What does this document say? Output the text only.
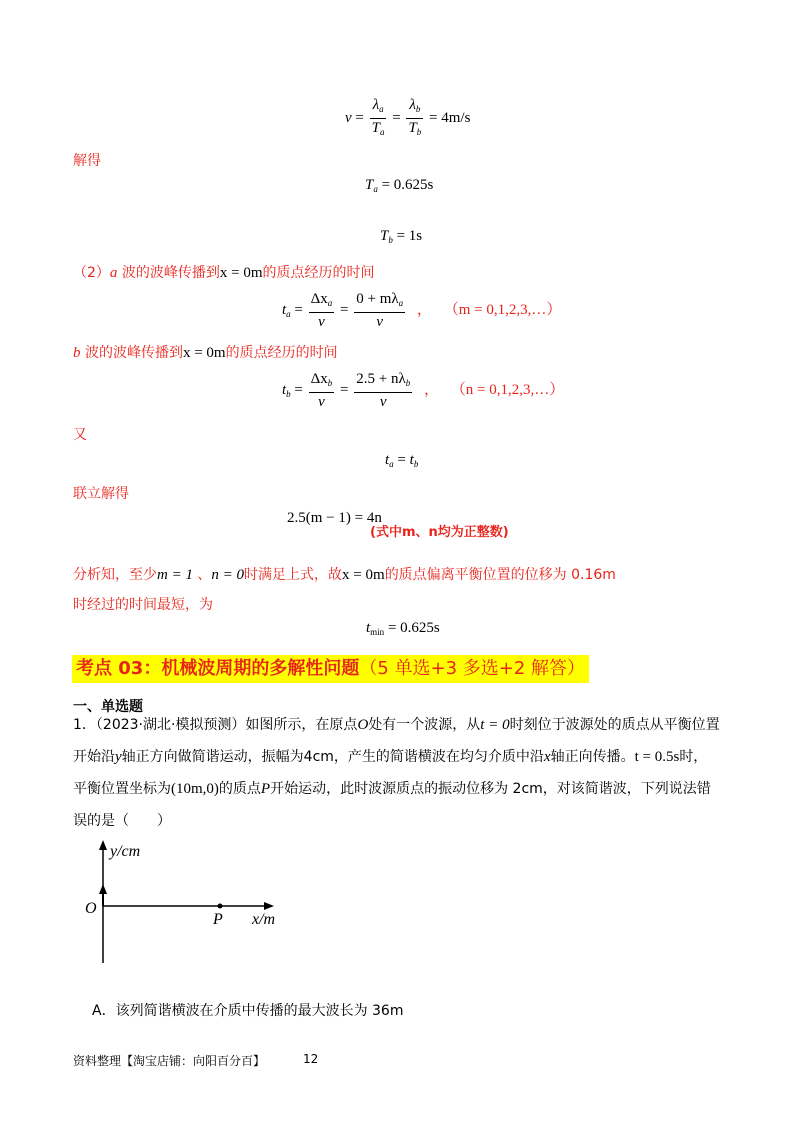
$v = \frac{\lambda_a}{T_a} = \frac{\lambda_b}{T_b} = 4m/s$
解得
$T_a = 0.625s$
$T_b = 1s$
（2）a 波的波峰传播到x = 0m的质点经历的时间
$t_a = \frac{\Delta x_a}{v} = \frac{0 + m\lambda_a}{v}$ ， （m = 0,1,2,3,…）
b 波的波峰传播到x = 0m的质点经历的时间
$t_b = \frac{\Delta x_b}{v} = \frac{2.5 + n\lambda_b}{v}$ ， （n = 0,1,2,3,…）
又
$t_a = t_b$
联立解得
2.5(m − 1) = 4n
(式中m、n均为正整数)
分析知，至少m = 1 、n = 0时满足上式，故x = 0m的质点偏离平衡位置的位移为 0.16m
时经过的时间最短，为
$t_{min} = 0.625s$
考点 03：机械波周期的多解性问题（5 单选+3 多选+2 解答）
一、单选题
1．（2023·湖北·模拟预测）如图所示，在原点O处有一个波源，从t = 0时刻位于波源处的质点从平衡位置
开始沿y轴正方向做简谐运动，振幅为4cm，产生的简谐横波在均匀介质中沿x轴正向传播。t = 0.5s时，
平衡位置坐标为(10m,0)的质点P开始运动，此时波源质点的振动位移为 2cm，对该简谐波，下列说法错
误的是（　　）
y/cm
O
P x/m
A．该列简谐横波在介质中传播的最大波长为 36m
资料整理【淘宝店铺：向阳百分百】	12
